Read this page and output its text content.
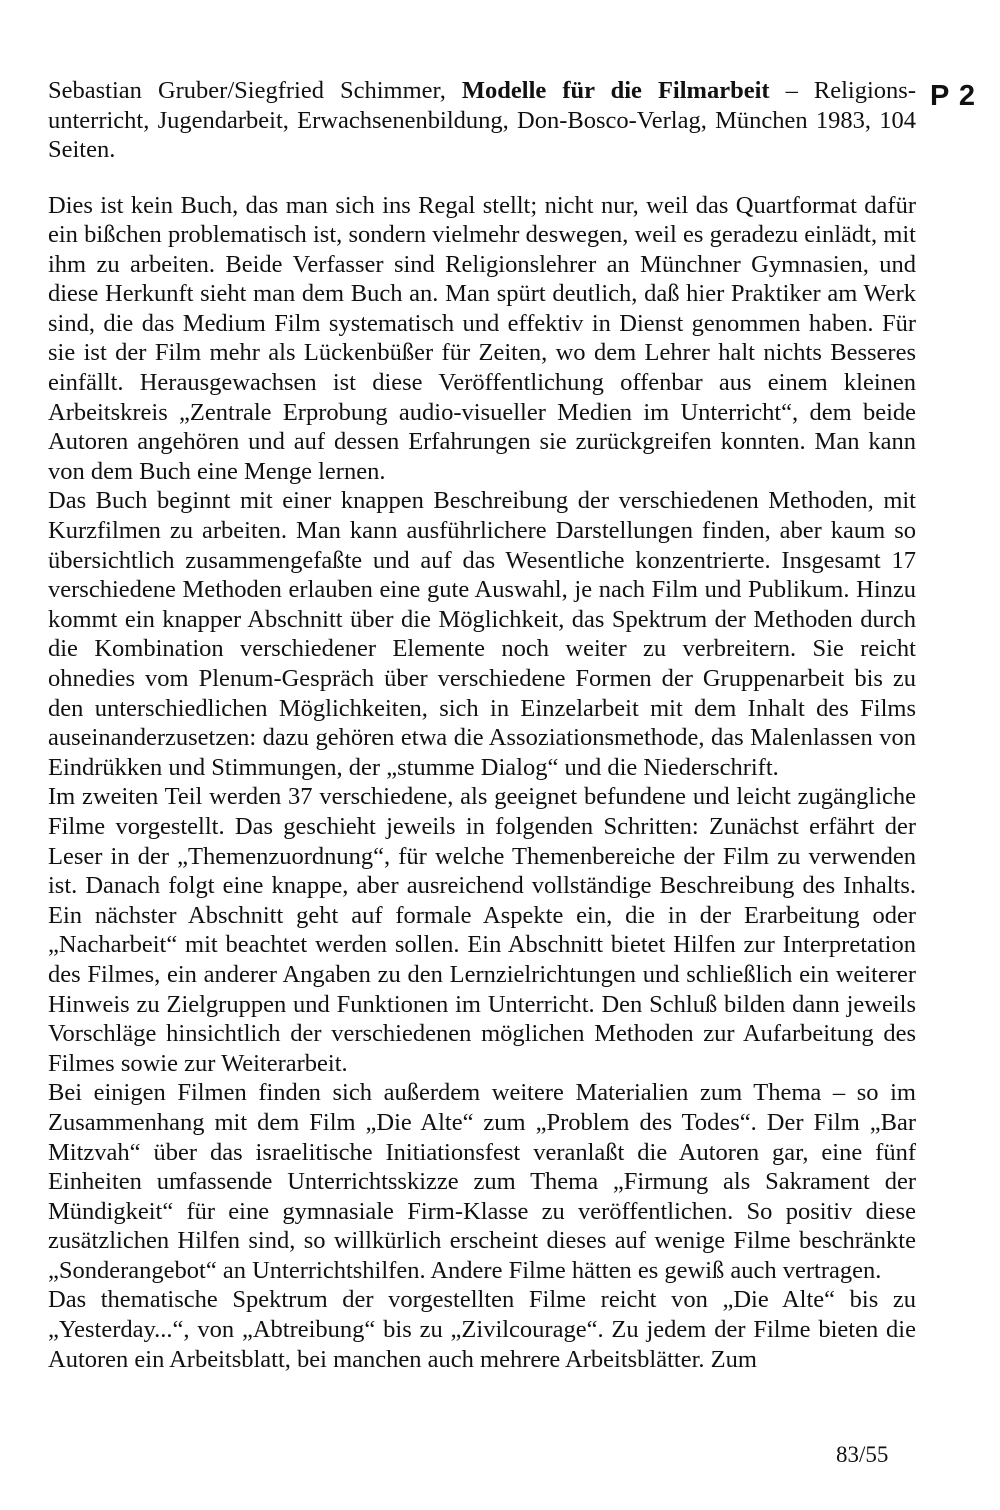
P 2
Sebastian Gruber/Siegfried Schimmer, Modelle für die Filmarbeit – Religions-unterricht, Jugendarbeit, Erwachsenenbildung, Don-Bosco-Verlag, München 1983, 104 Seiten.

Dies ist kein Buch, das man sich ins Regal stellt; nicht nur, weil das Quartformat dafür ein bißchen problematisch ist, sondern vielmehr deswegen, weil es geradezu einlädt, mit ihm zu arbeiten. Beide Verfasser sind Religionslehrer an Münchner Gymnasien, und diese Herkunft sieht man dem Buch an. Man spürt deutlich, daß hier Praktiker am Werk sind, die das Medium Film systematisch und effektiv in Dienst genommen haben. Für sie ist der Film mehr als Lückenbüßer für Zeiten, wo dem Lehrer halt nichts Besseres einfällt. Herausgewachsen ist diese Veröffentlichung offenbar aus einem kleinen Arbeitskreis „Zentrale Erprobung audio-visueller Medien im Unterricht“, dem beide Autoren angehören und auf dessen Erfahrungen sie zurückgreifen konnten. Man kann von dem Buch eine Menge lernen.

Das Buch beginnt mit einer knappen Beschreibung der verschiedenen Methoden, mit Kurzfilmen zu arbeiten. Man kann ausführlichere Darstellungen finden, aber kaum so übersichtlich zusammengefaßte und auf das Wesentliche konzentrierte. Insgesamt 17 verschiedene Methoden erlauben eine gute Auswahl, je nach Film und Publikum. Hinzu kommt ein knapper Abschnitt über die Möglichkeit, das Spektrum der Methoden durch die Kombination verschiedener Elemente noch weiter zu verbreitern. Sie reicht ohnedies vom Plenum-Gespräch über verschiedene Formen der Gruppenarbeit bis zu den unterschiedlichen Möglichkeiten, sich in Einzelarbeit mit dem Inhalt des Films auseinanderzusetzen: dazu gehören etwa die Assoziationsmethode, das Malenlassen von Eindrükken und Stimmungen, der „stumme Dialog“ und die Niederschrift.

Im zweiten Teil werden 37 verschiedene, als geeignet befundene und leicht zugängliche Filme vorgestellt. Das geschieht jeweils in folgenden Schritten: Zunächst erfährt der Leser in der „Themenzuordnung“, für welche Themenbereiche der Film zu verwenden ist. Danach folgt eine knappe, aber ausreichend vollständige Beschreibung des Inhalts. Ein nächster Abschnitt geht auf formale Aspekte ein, die in der Erarbeitung oder „Nacharbeit“ mit beachtet werden sollen. Ein Abschnitt bietet Hilfen zur Interpretation des Filmes, ein anderer Angaben zu den Lernzielrichtungen und schließlich ein weiterer Hinweis zu Zielgruppen und Funktionen im Unterricht. Den Schluß bilden dann jeweils Vorschläge hinsichtlich der verschiedenen möglichen Methoden zur Aufarbeitung des Filmes sowie zur Weiterarbeit.

Bei einigen Filmen finden sich außerdem weitere Materialien zum Thema – so im Zusammenhang mit dem Film „Die Alte“ zum „Problem des Todes“. Der Film „Bar Mitzvah“ über das israelitische Initiationsfest veranlaßt die Autoren gar, eine fünf Einheiten umfassende Unterrichtsskizze zum Thema „Firmung als Sakrament der Mündigkeit“ für eine gymnasiale Firm-Klasse zu veröffentlichen. So positiv diese zusätzlichen Hilfen sind, so willkürlich erscheint dieses auf wenige Filme beschränkte „Sonderangebot“ an Unterrichtshilfen. Andere Filme hätten es gewiß auch vertragen.

Das thematische Spektrum der vorgestellten Filme reicht von „Die Alte“ bis zu „Yesterday...“, von „Abtreibung“ bis zu „Zivilcourage“. Zu jedem der Filme bieten die Autoren ein Arbeitsblatt, bei manchen auch mehrere Arbeitsblätter. Zum

83/55
